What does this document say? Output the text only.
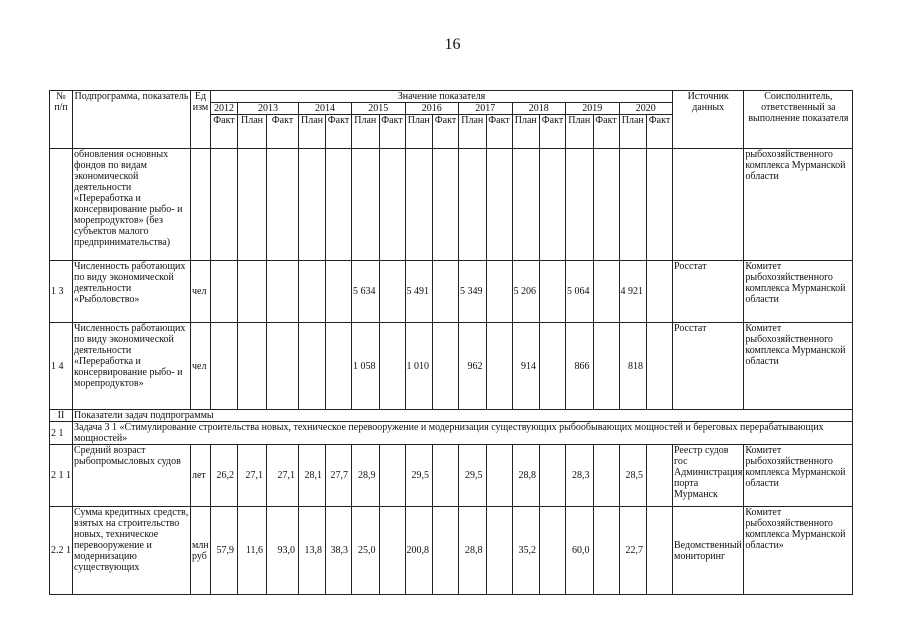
16
№ п/п	Подпрограмма, показатель	Ед изм	Значение показателя																	Источник данных	Соисполнитель, ответственный за выполнение показателя
			2012	2013		2014		2015		2016		2017		2018		2019		2020			
			Факт	План	Факт	План	Факт	План	Факт	План	Факт	План	Факт	План	Факт	План	Факт	План	Факт		
	обновления основных фондов по видам экономической деятельности «Переработка и консервирование рыбо- и морепродуктов» (без субъектов малого предпринимательства)																				рыбохозяйственного комплекса Мурманской области
1 3	Численность работающих по виду экономической деятельности «Рыболовство»	чел						5 634		5 491		5 349		5 206		5 064		4 921		Росстат	Комитет рыбохозяйственного комплекса Мурманской области
1 4	Численность работающих по виду экономической деятельности «Переработка и консервирование рыбо- и морепродуктов»	чел						1 058		1 010		962		914		866		818		Росстат	Комитет рыбохозяйственного комплекса Мурманской области
II	Показатели задач подпрограммы																				
2 1	Задача 3 1 «Стимулирование строительства новых, техническое перевооружение и модернизация существующих рыбообывающих мощностей и береговых перерабатывающих мощностей»																				
2 1 1	Средний возраст рыбопромысловых судов	лет	26,2	27,1	27,1	28,1	27,7	28,9		29,5		29,5		28,8		28,3		28,5		Реестр судов гос Администрация порта Мурманск	Комитет рыбохозяйственного комплекса Мурманской области
2.2 1	Сумма кредитных средств, взятых на строительство новых, техническое перевооружение и модернизацию существующих	млн руб	57,9	11,6	93,0	13,8	38,3	25,0		200,8		28,8		35,2		60,0		22,7		Ведомственный мониторинг	Комитет рыбохозяйственного комплекса Мурманской области»
